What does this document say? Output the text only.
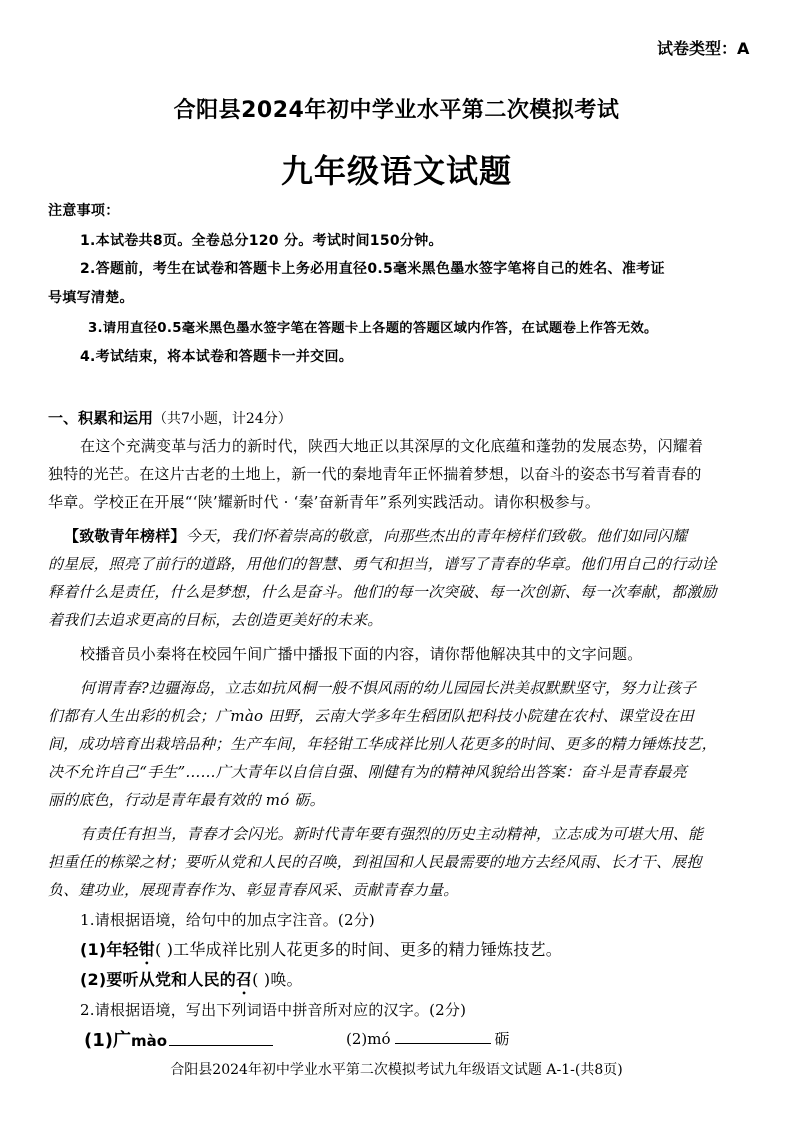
试卷类型：A
合阳县2024年初中学业水平第二次模拟考试
九年级语文试题
注意事项：
1.本试卷共8页。全卷总分120 分。考试时间150分钟。
2.答题前，考生在试卷和答题卡上务必用直径0.5毫米黑色墨水签字笔将自己的姓名、准考证
号填写清楚。
3.请用直径0.5毫米黑色墨水签字笔在答题卡上各题的答题区域内作答，在试题卷上作答无效。
4.考试结束，将本试卷和答题卡一并交回。
一、积累和运用（共7小题，计24分）
在这个充满变革与活力的新时代，陕西大地正以其深厚的文化底蕴和蓬勃的发展态势，闪耀着
独特的光芒。在这片古老的土地上，新一代的秦地青年正怀揣着梦想，以奋斗的姿态书写着青春的
华章。学校正在开展“‘陕’耀新时代 · ‘秦’奋新青年”系列实践活动。请你积极参与。
【致敬青年榜样】今天，我们怀着崇高的敬意，向那些杰出的青年榜样们致敬。他们如同闪耀
的星辰，照亮了前行的道路，用他们的智慧、勇气和担当，谱写了青春的华章。他们用自己的行动诠
释着什么是责任，什么是梦想，什么是奋斗。他们的每一次突破、每一次创新、每一次奉献，都激励
着我们去追求更高的目标，去创造更美好的未来。
校播音员小秦将在校园午间广播中播报下面的内容，请你帮他解决其中的文字问题。
何谓青春?边疆海岛，立志如抗风桐一般不惧风雨的幼儿园园长洪美叔默默坚守，努力让孩子
们都有人生出彩的机会；广mào 田野，云南大学多年生稻团队把科技小院建在农村、课堂设在田
间，成功培育出栽培品种；生产车间，年轻钳工华成祥比别人花更多的时间、更多的精力锤炼技艺，
决不允许自己“手生”……广大青年以自信自强、刚健有为的精神风貌给出答案：奋斗是青春最亮
丽的底色，行动是青年最有效的 mó 砺。
有责任有担当，青春才会闪光。新时代青年要有强烈的历史主动精神，立志成为可堪大用、能
担重任的栋梁之材；要听从党和人民的召唤，到祖国和人民最需要的地方去经风雨、长才干、展抱
负、建功业，展现青春作为、彰显青春风采、贡献青春力量。
1.请根据语境，给句中的加点字注音。(2分)
(1)年轻钳( )工华成祥比别人花更多的时间、更多的精力锤炼技艺。
(2)要听从党和人民的召( )唤。
2.请根据语境，写出下列词语中拼音所对应的汉字。(2分)
(1)广mào	(2)mó	砺
合阳县2024年初中学业水平第二次模拟考试九年级语文试题 A-1-(共8页)
